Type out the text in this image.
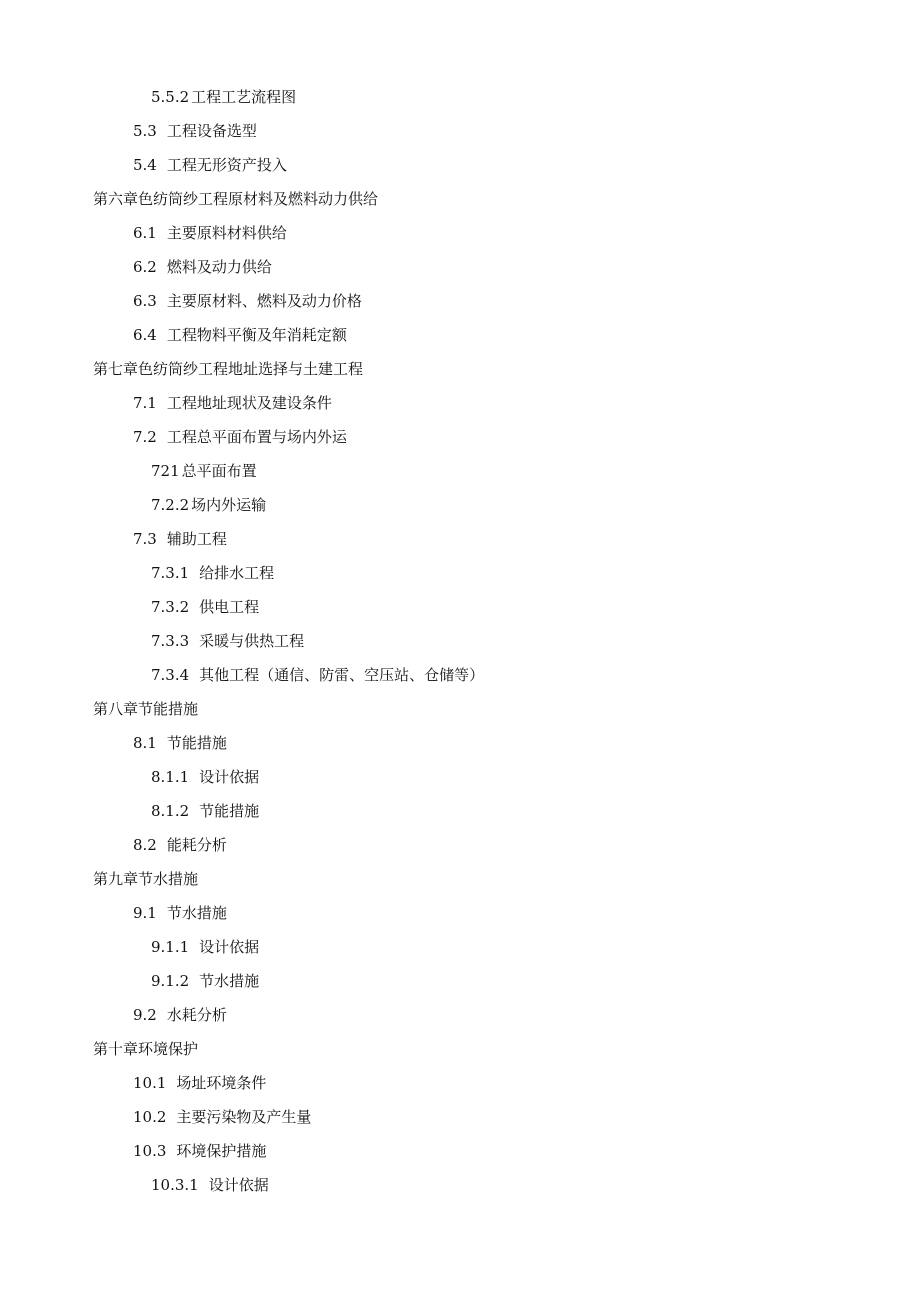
5.5.2 工程工艺流程图
5.3 工程设备选型
5.4 工程无形资产投入
第六章色纺筒纱工程原材料及燃料动力供给
6.1 主要原料材料供给
6.2 燃料及动力供给
6.3 主要原材料、燃料及动力价格
6.4 工程物料平衡及年消耗定额
第七章色纺筒纱工程地址选择与土建工程
7.1 工程地址现状及建设条件
7.2 工程总平面布置与场内外运
721 总平面布置
7.2.2 场内外运输
7.3 辅助工程
7.3.1 给排水工程
7.3.2 供电工程
7.3.3 采暖与供热工程
7.3.4 其他工程（通信、防雷、空压站、仓储等）
第八章节能措施
8.1 节能措施
8.1.1 设计依据
8.1.2 节能措施
8.2 能耗分析
第九章节水措施
9.1 节水措施
9.1.1 设计依据
9.1.2 节水措施
9.2 水耗分析
第十章环境保护
10.1 场址环境条件
10.2 主要污染物及产生量
10.3 环境保护措施
10.3.1 设计依据
